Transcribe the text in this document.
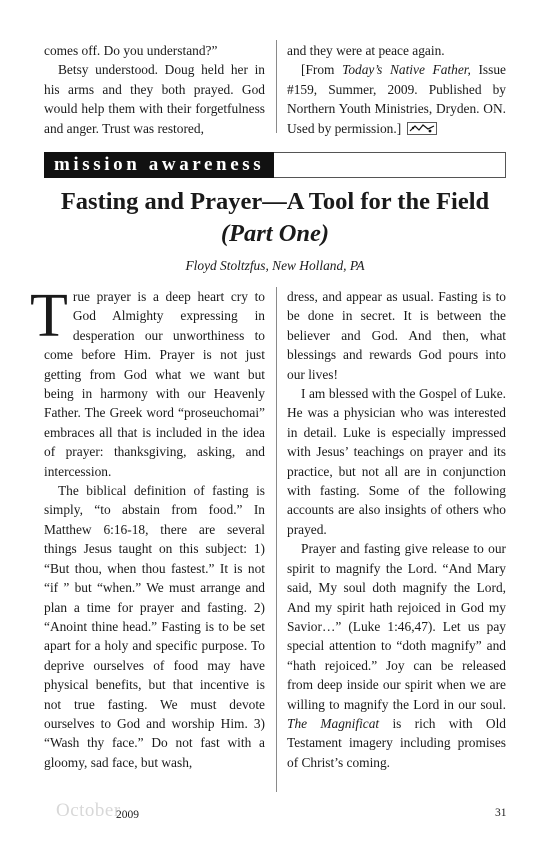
comes off. Do you understand?”

Betsy understood. Doug held her in his arms and they both prayed. God would help them with their forgetfulness and anger. Trust was restored,

and they were at peace again.

[From Today’s Native Father, Issue #159, Summer, 2009. Published by Northern Youth Ministries, Dryden. ON. Used by permission.]

mission awareness
Fasting and Prayer—A Tool for the Field (Part One)
Floyd Stoltzfus, New Holland, PA

True prayer is a deep heart cry to God Almighty expressing in desperation our unworthiness to come before Him. Prayer is not just getting from God what we want but being in harmony with our Heavenly Father. The Greek word “proseuchomai” embraces all that is included in the idea of prayer: thanksgiving, asking, and intercession.

The biblical definition of fasting is simply, “to abstain from food.” In Matthew 6:16-18, there are several things Jesus taught on this subject: 1) “But thou, when thou fastest.” It is not “if ” but “when.” We must arrange and plan a time for prayer and fasting. 2) “Anoint thine head.” Fasting is to be set apart for a holy and specific purpose. To deprive ourselves of food may have physical benefits, but that incentive is not true fasting. We must devote ourselves to God and worship Him. 3) “Wash thy face.” Do not fast with a gloomy, sad face, but wash,

dress, and appear as usual. Fasting is to be done in secret. It is between the believer and God. And then, what blessings and rewards God pours into our lives!

I am blessed with the Gospel of Luke. He was a physician who was interested in detail. Luke is especially impressed with Jesus’ teachings on prayer and its practice, but not all are in conjunction with fasting. Some of the following accounts are also insights of others who prayed.

Prayer and fasting give release to our spirit to magnify the Lord. “And Mary said, My soul doth magnify the Lord, And my spirit hath rejoiced in God my Savior…” (Luke 1:46,47). Let us pay special attention to “doth magnify” and “hath rejoiced.” Joy can be released from deep inside our spirit when we are willing to magnify the Lord in our soul. The Magnificat is rich with Old Testament imagery including promises of Christ’s coming.

October
2009	31
